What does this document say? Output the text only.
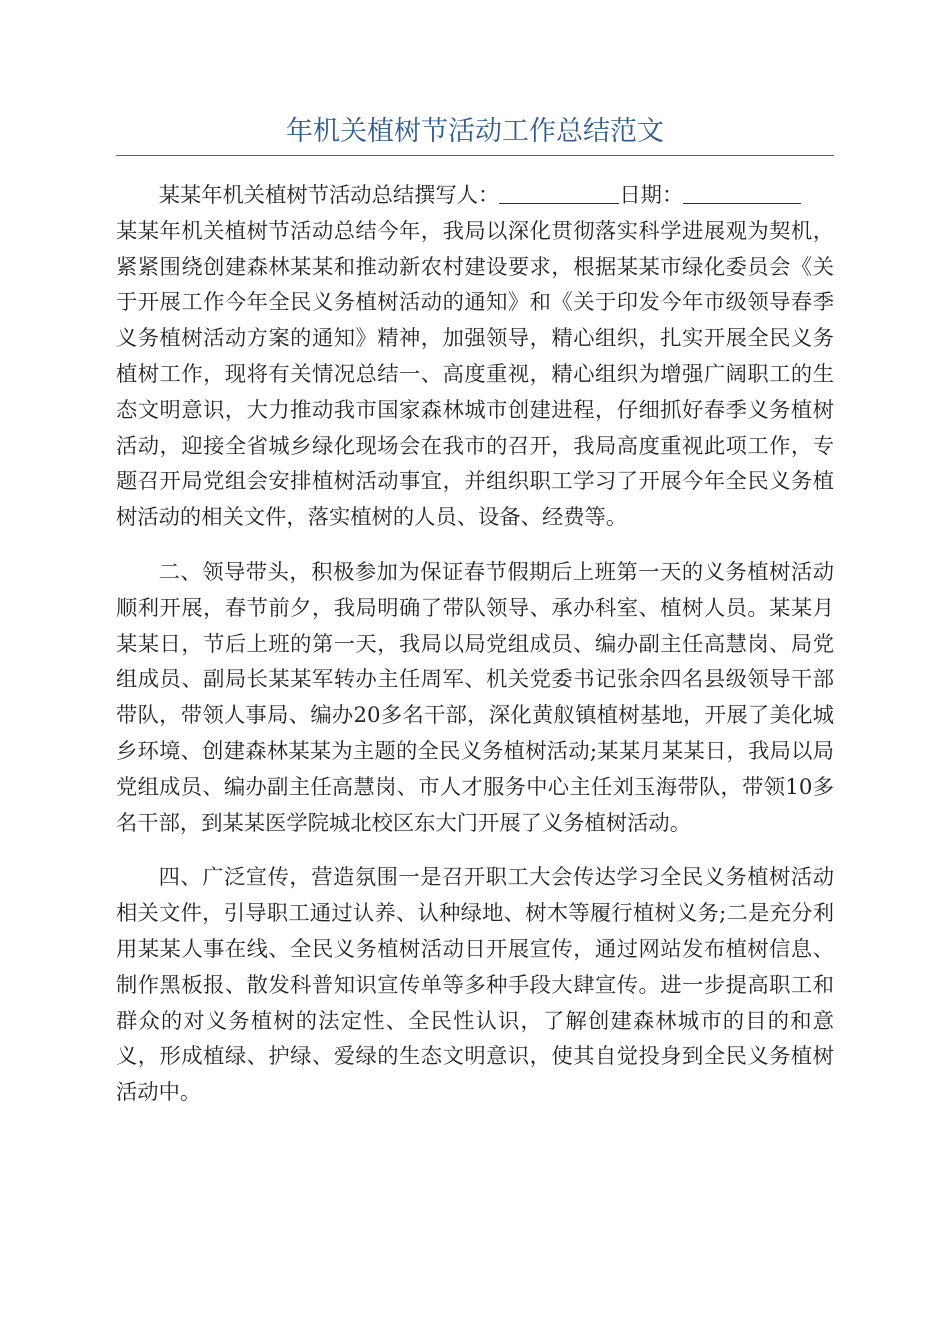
年机关植树节活动工作总结范文

某某年机关植树节活动总结撰写人：	日期：
某某年机关植树节活动总结今年，我局以深化贯彻落实科学进展观为契机，紧紧围绕创建森林某某和推动新农村建设要求，根据某某市绿化委员会《关于开展工作今年全民义务植树活动的通知》和《关于印发今年市级领导春季义务植树活动方案的通知》精神，加强领导，精心组织，扎实开展全民义务植树工作，现将有关情况总结一、高度重视，精心组织为增强广阔职工的生态文明意识，大力推动我市国家森林城市创建进程，仔细抓好春季义务植树活动，迎接全省城乡绿化现场会在我市的召开，我局高度重视此项工作，专题召开局党组会安排植树活动事宜，并组织职工学习了开展今年全民义务植树活动的相关文件，落实植树的人员、设备、经费等。

二、领导带头，积极参加为保证春节假期后上班第一天的义务植树活动顺利开展，春节前夕，我局明确了带队领导、承办科室、植树人员。某某月某某日，节后上班的第一天，我局以局党组成员、编办副主任高慧岗、局党组成员、副局长某某军转办主任周军、机关党委书记张余四名县级领导干部带队，带领人事局、编办20多名干部，深化黄舣镇植树基地，开展了美化城乡环境、创建森林某某为主题的全民义务植树活动;某某月某某日，我局以局党组成员、编办副主任高慧岗、市人才服务中心主任刘玉海带队，带领10多名干部，到某某医学院城北校区东大门开展了义务植树活动。

四、广泛宣传，营造氛围一是召开职工大会传达学习全民义务植树活动相关文件，引导职工通过认养、认种绿地、树木等履行植树义务;二是充分利用某某人事在线、全民义务植树活动日开展宣传，通过网站发布植树信息、制作黑板报、散发科普知识宣传单等多种手段大肆宣传。进一步提高职工和群众的对义务植树的法定性、全民性认识，了解创建森林城市的目的和意义，形成植绿、护绿、爱绿的生态文明意识，使其自觉投身到全民义务植树活动中。
